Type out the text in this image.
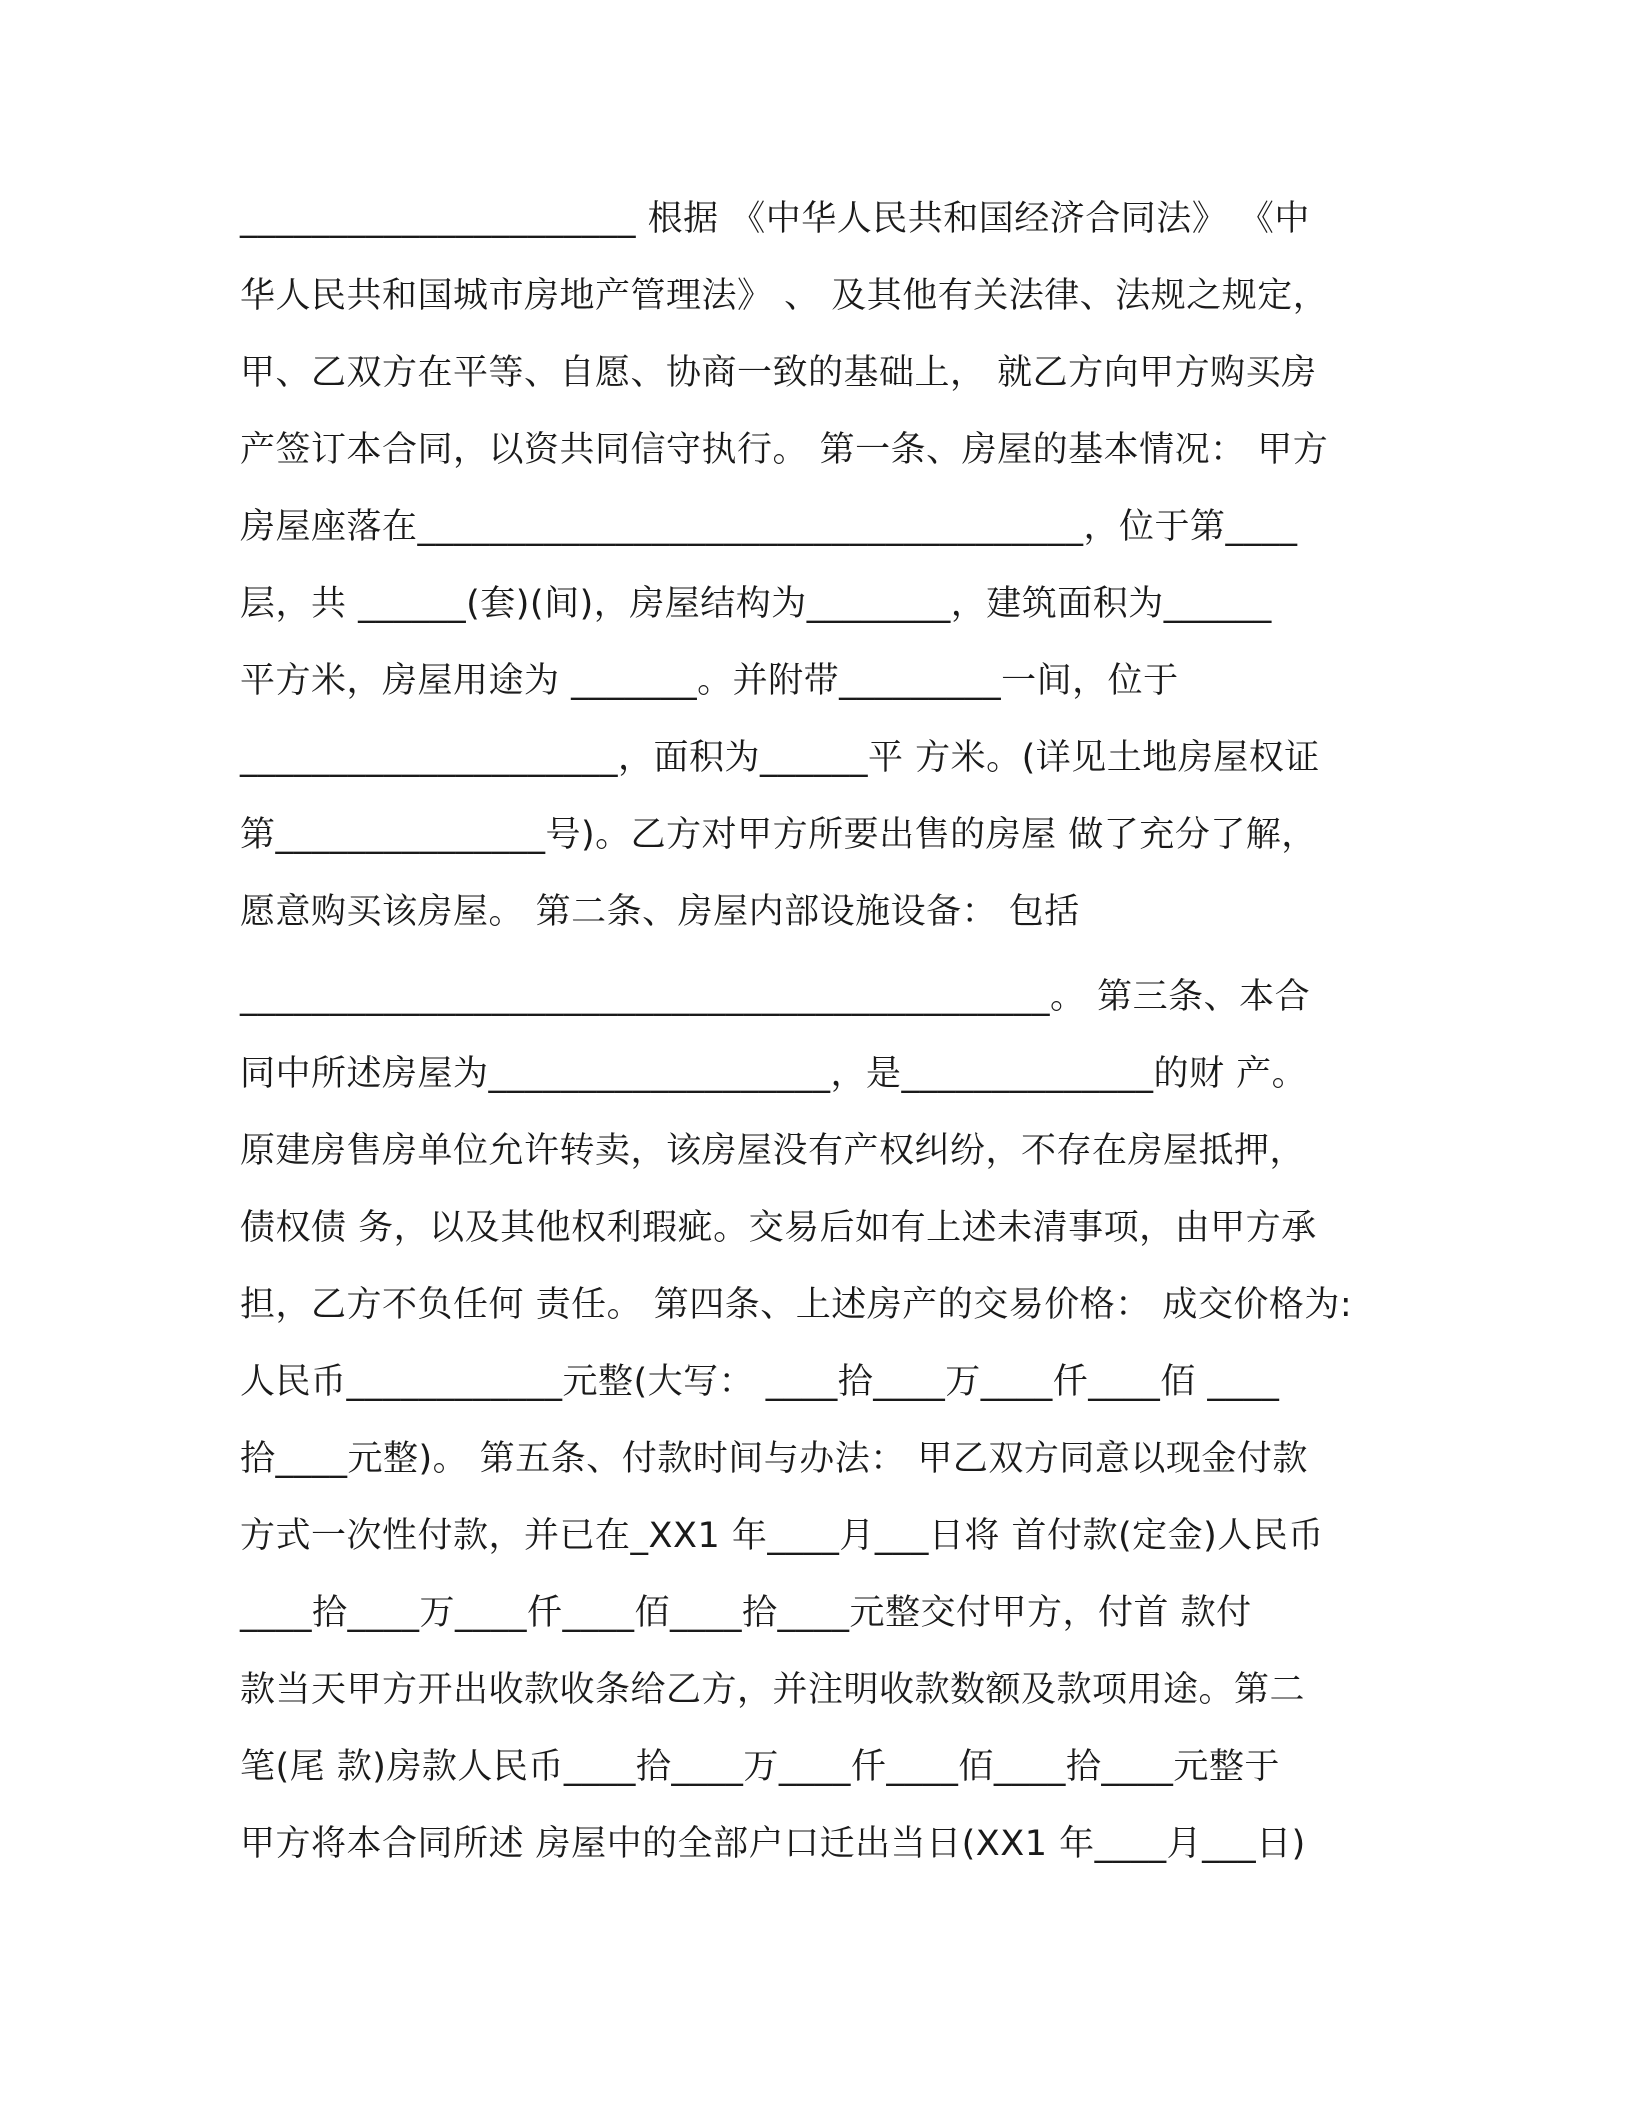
______________________ 根据 《中华人民共和国经济合同法》 《中
华人民共和国城市房地产管理法》 、 及其他有关法律、法规之规定，
甲、乙双方在平等、自愿、协商一致的基础上， 就乙方向甲方购买房
产签订本合同，以资共同信守执行。 第一条、房屋的基本情况： 甲方
房屋座落在_____________________________________，位于第____
层，共 ______(套)(间)，房屋结构为________，建筑面积为______
平方米，房屋用途为 _______。并附带_________一间，位于
_____________________，面积为______平 方米。(详见土地房屋权证
第_______________号)。乙方对甲方所要出售的房屋 做了充分了解，
愿意购买该房屋。 第二条、房屋内部设施设备： 包括
_____________________________________________。 第三条、本合
同中所述房屋为___________________，是______________的财 产。
原建房售房单位允许转卖，该房屋没有产权纠纷，不存在房屋抵押，
债权债 务，以及其他权利瑕疵。交易后如有上述未清事项，由甲方承
担，乙方不负任何 责任。 第四条、上述房产的交易价格： 成交价格为:
人民币____________元整(大写： ____拾____万____仟____佰 ____
拾____元整)。 第五条、付款时间与办法： 甲乙双方同意以现金付款
方式一次性付款，并已在_XX1 年____月___日将 首付款(定金)人民币
____拾____万____仟____佰____拾____元整交付甲方，付首 款付
款当天甲方开出收款收条给乙方，并注明收款数额及款项用途。第二
笔(尾 款)房款人民币____拾____万____仟____佰____拾____元整于
甲方将本合同所述 房屋中的全部户口迁出当日(XX1 年____月___日)
